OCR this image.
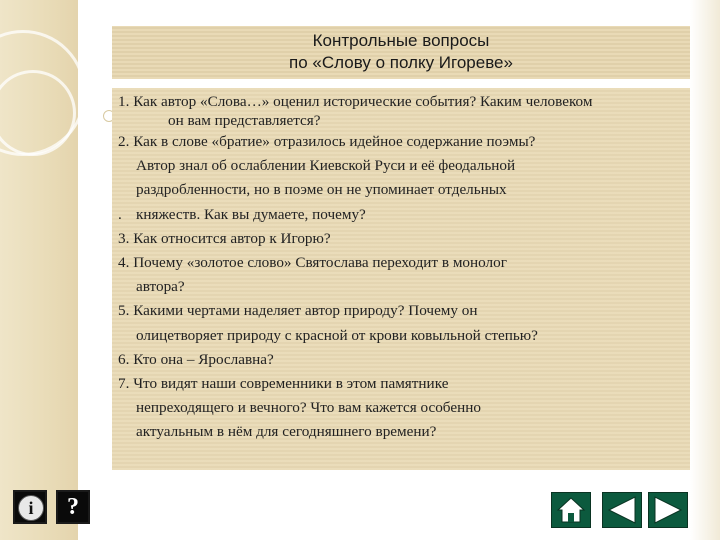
Контрольные вопросы
по «Слову о полку Игореве»
1. Как автор «Слова…» оценил исторические события? Каким человеком
он вам представляется?
2. Как в слове «братие» отразилось идейное содержание поэмы?
Автор знал об ослаблении Киевской Руси и её феодальной
раздробленности, но в поэме он не упоминает отдельных
. княжеств. Как вы думаете, почему?
3. Как относится автор к Игорю?
4. Почему «золотое слово» Святослава переходит в монолог
автора?
5. Какими чертами наделяет автор природу? Почему он
олицетворяет природу с красной от крови ковыльной степью?
6. Кто она – Ярославна?
7. Что видят наши современники в этом памятнике
непреходящего и вечного? Что вам кажется особенно
актуальным в нём для сегодняшнего времени?
i	?
